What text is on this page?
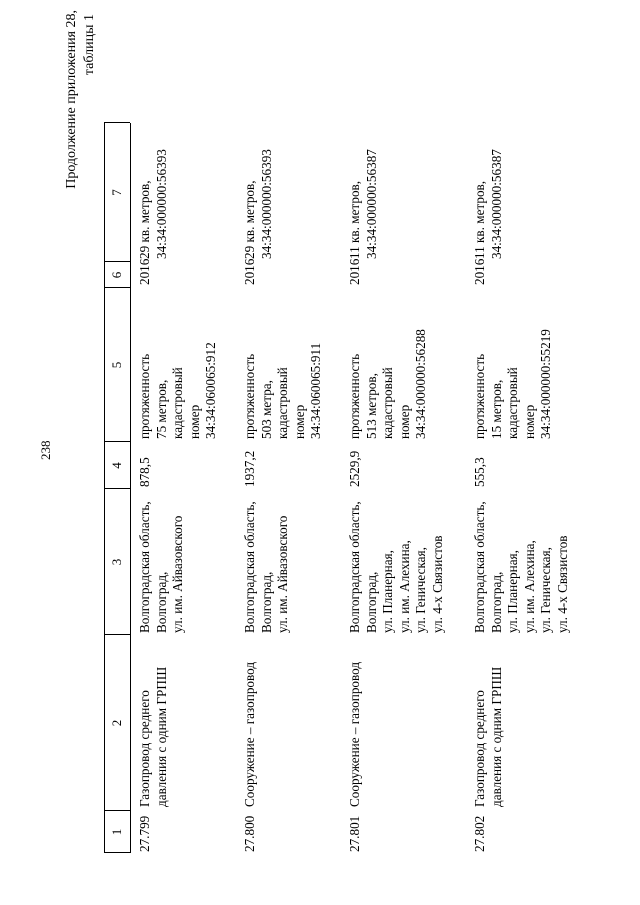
238
Продолжение приложения 28, таблицы 1
1
2
3
4
5
6
7
27.799
Газопровод среднего давления с одним ГРПШ
Волгоградская область, Волгоград, ул. им. Айвазовского
878,5
протяженность 75 метров, кадастровый номер 34:34:060065:912
2016
29 кв. метров, 34:34:000000:56393
27.800
Сооружение – газопровод
Волгоградская область, Волгоград, ул. им. Айвазовского
1937,2
протяженность 503 метра, кадастровый номер 34:34:060065:911
2016
29 кв. метров, 34:34:000000:56393
27.801
Сооружение – газопровод
Волгоградская область, Волгоград, ул. Планерная, ул. им. Алехина, ул. Геническая, ул. 4-х Связистов
2529,9
протяженность 513 метров, кадастровый номер 34:34:000000:56288
2016
11 кв. метров, 34:34:000000:56387
27.802
Газопровод среднего давления с одним ГРПШ
Волгоградская область, Волгоград, ул. Планерная, ул. им. Алехина, ул. Геническая, ул. 4-х Связистов
555,3
протяженность 15 метров, кадастровый номер 34:34:000000:55219
2016
11 кв. метров, 34:34:000000:56387
